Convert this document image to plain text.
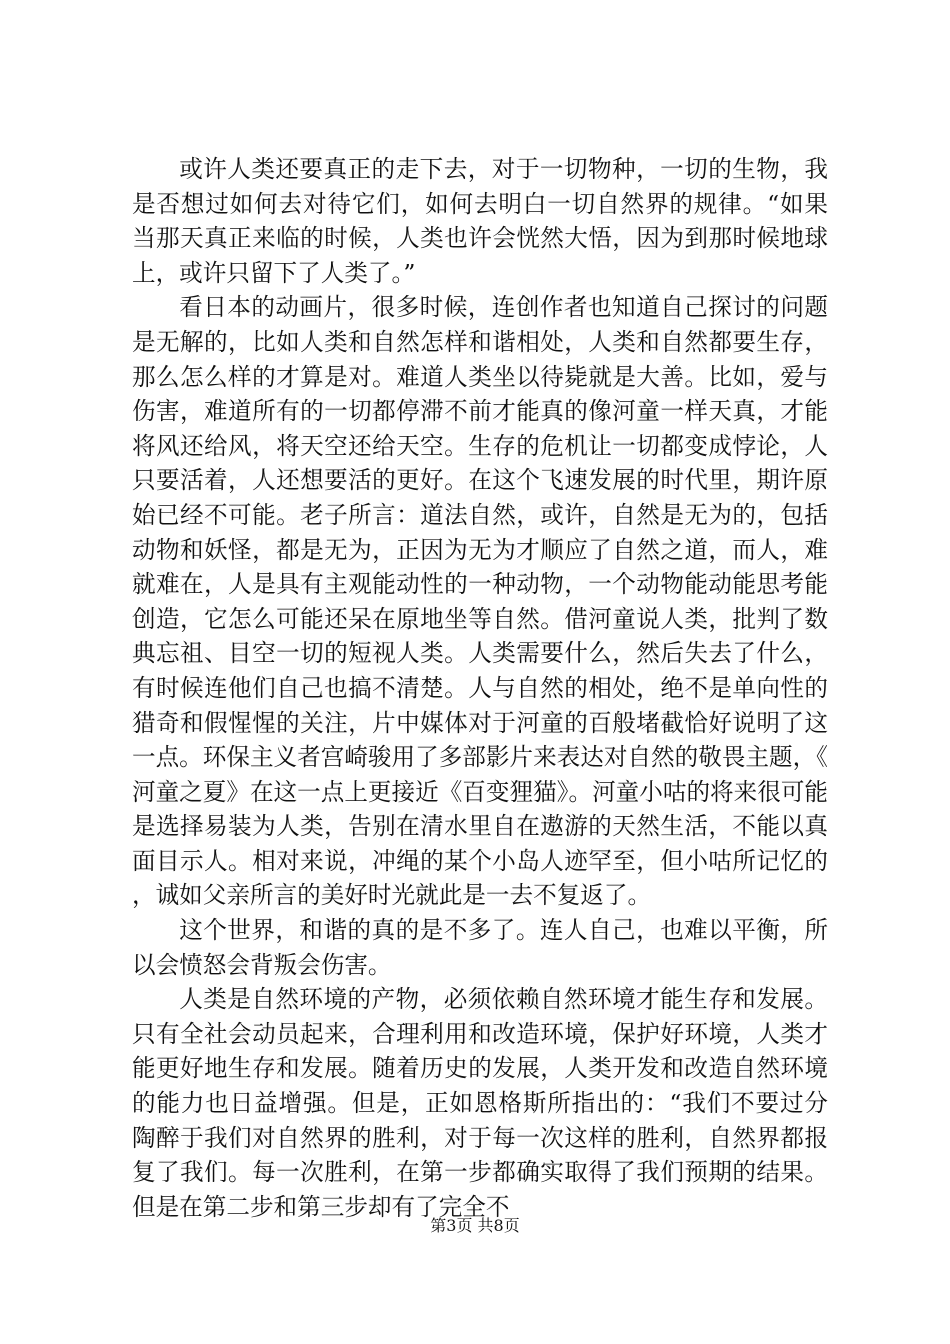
或许人类还要真正的走下去，对于一切物种，一切的生物，我是否想过如何去对待它们，如何去明白一切自然界的规律。“如果当那天真正来临的时候，人类也许会恍然大悟，因为到那时候地球上，或许只留下了人类了。”

看日本的动画片，很多时候，连创作者也知道自己探讨的问题是无解的，比如人类和自然怎样和谐相处，人类和自然都要生存，那么怎么样的才算是对。难道人类坐以待毙就是大善。比如，爱与伤害，难道所有的一切都停滞不前才能真的像河童一样天真，才能将风还给风，将天空还给天空。生存的危机让一切都变成悖论，人只要活着，人还想要活的更好。在这个飞速发展的时代里，期许原始已经不可能。老子所言：道法自然，或许，自然是无为的，包括动物和妖怪，都是无为，正因为无为才顺应了自然之道，而人，难就难在，人是具有主观能动性的一种动物，一个动物能动能思考能创造，它怎么可能还呆在原地坐等自然。借河童说人类，批判了数典忘祖、目空一切的短视人类。人类需要什么，然后失去了什么，有时候连他们自己也搞不清楚。人与自然的相处，绝不是单向性的猎奇和假惺惺的关注，片中媒体对于河童的百般堵截恰好说明了这一点。环保主义者宫崎骏用了多部影片来表达对自然的敬畏主题，《河童之夏》在这一点上更接近《百变狸猫》。河童小咕的将来很可能是选择易装为人类，告别在清水里自在遨游的天然生活，不能以真面目示人。相对来说，冲绳的某个小岛人迹罕至，但小咕所记忆的，诚如父亲所言的美好时光就此是一去不复返了。

这个世界，和谐的真的是不多了。连人自己，也难以平衡，所以会愤怒会背叛会伤害。

人类是自然环境的产物，必须依赖自然环境才能生存和发展。只有全社会动员起来，合理利用和改造环境，保护好环境，人类才能更好地生存和发展。随着历史的发展，人类开发和改造自然环境的能力也日益增强。但是，正如恩格斯所指出的：“我们不要过分陶醉于我们对自然界的胜利，对于每一次这样的胜利，自然界都报复了我们。每一次胜利，在第一步都确实取得了我们预期的结果。但是在第二步和第三步却有了完全不

第3页 共8页
